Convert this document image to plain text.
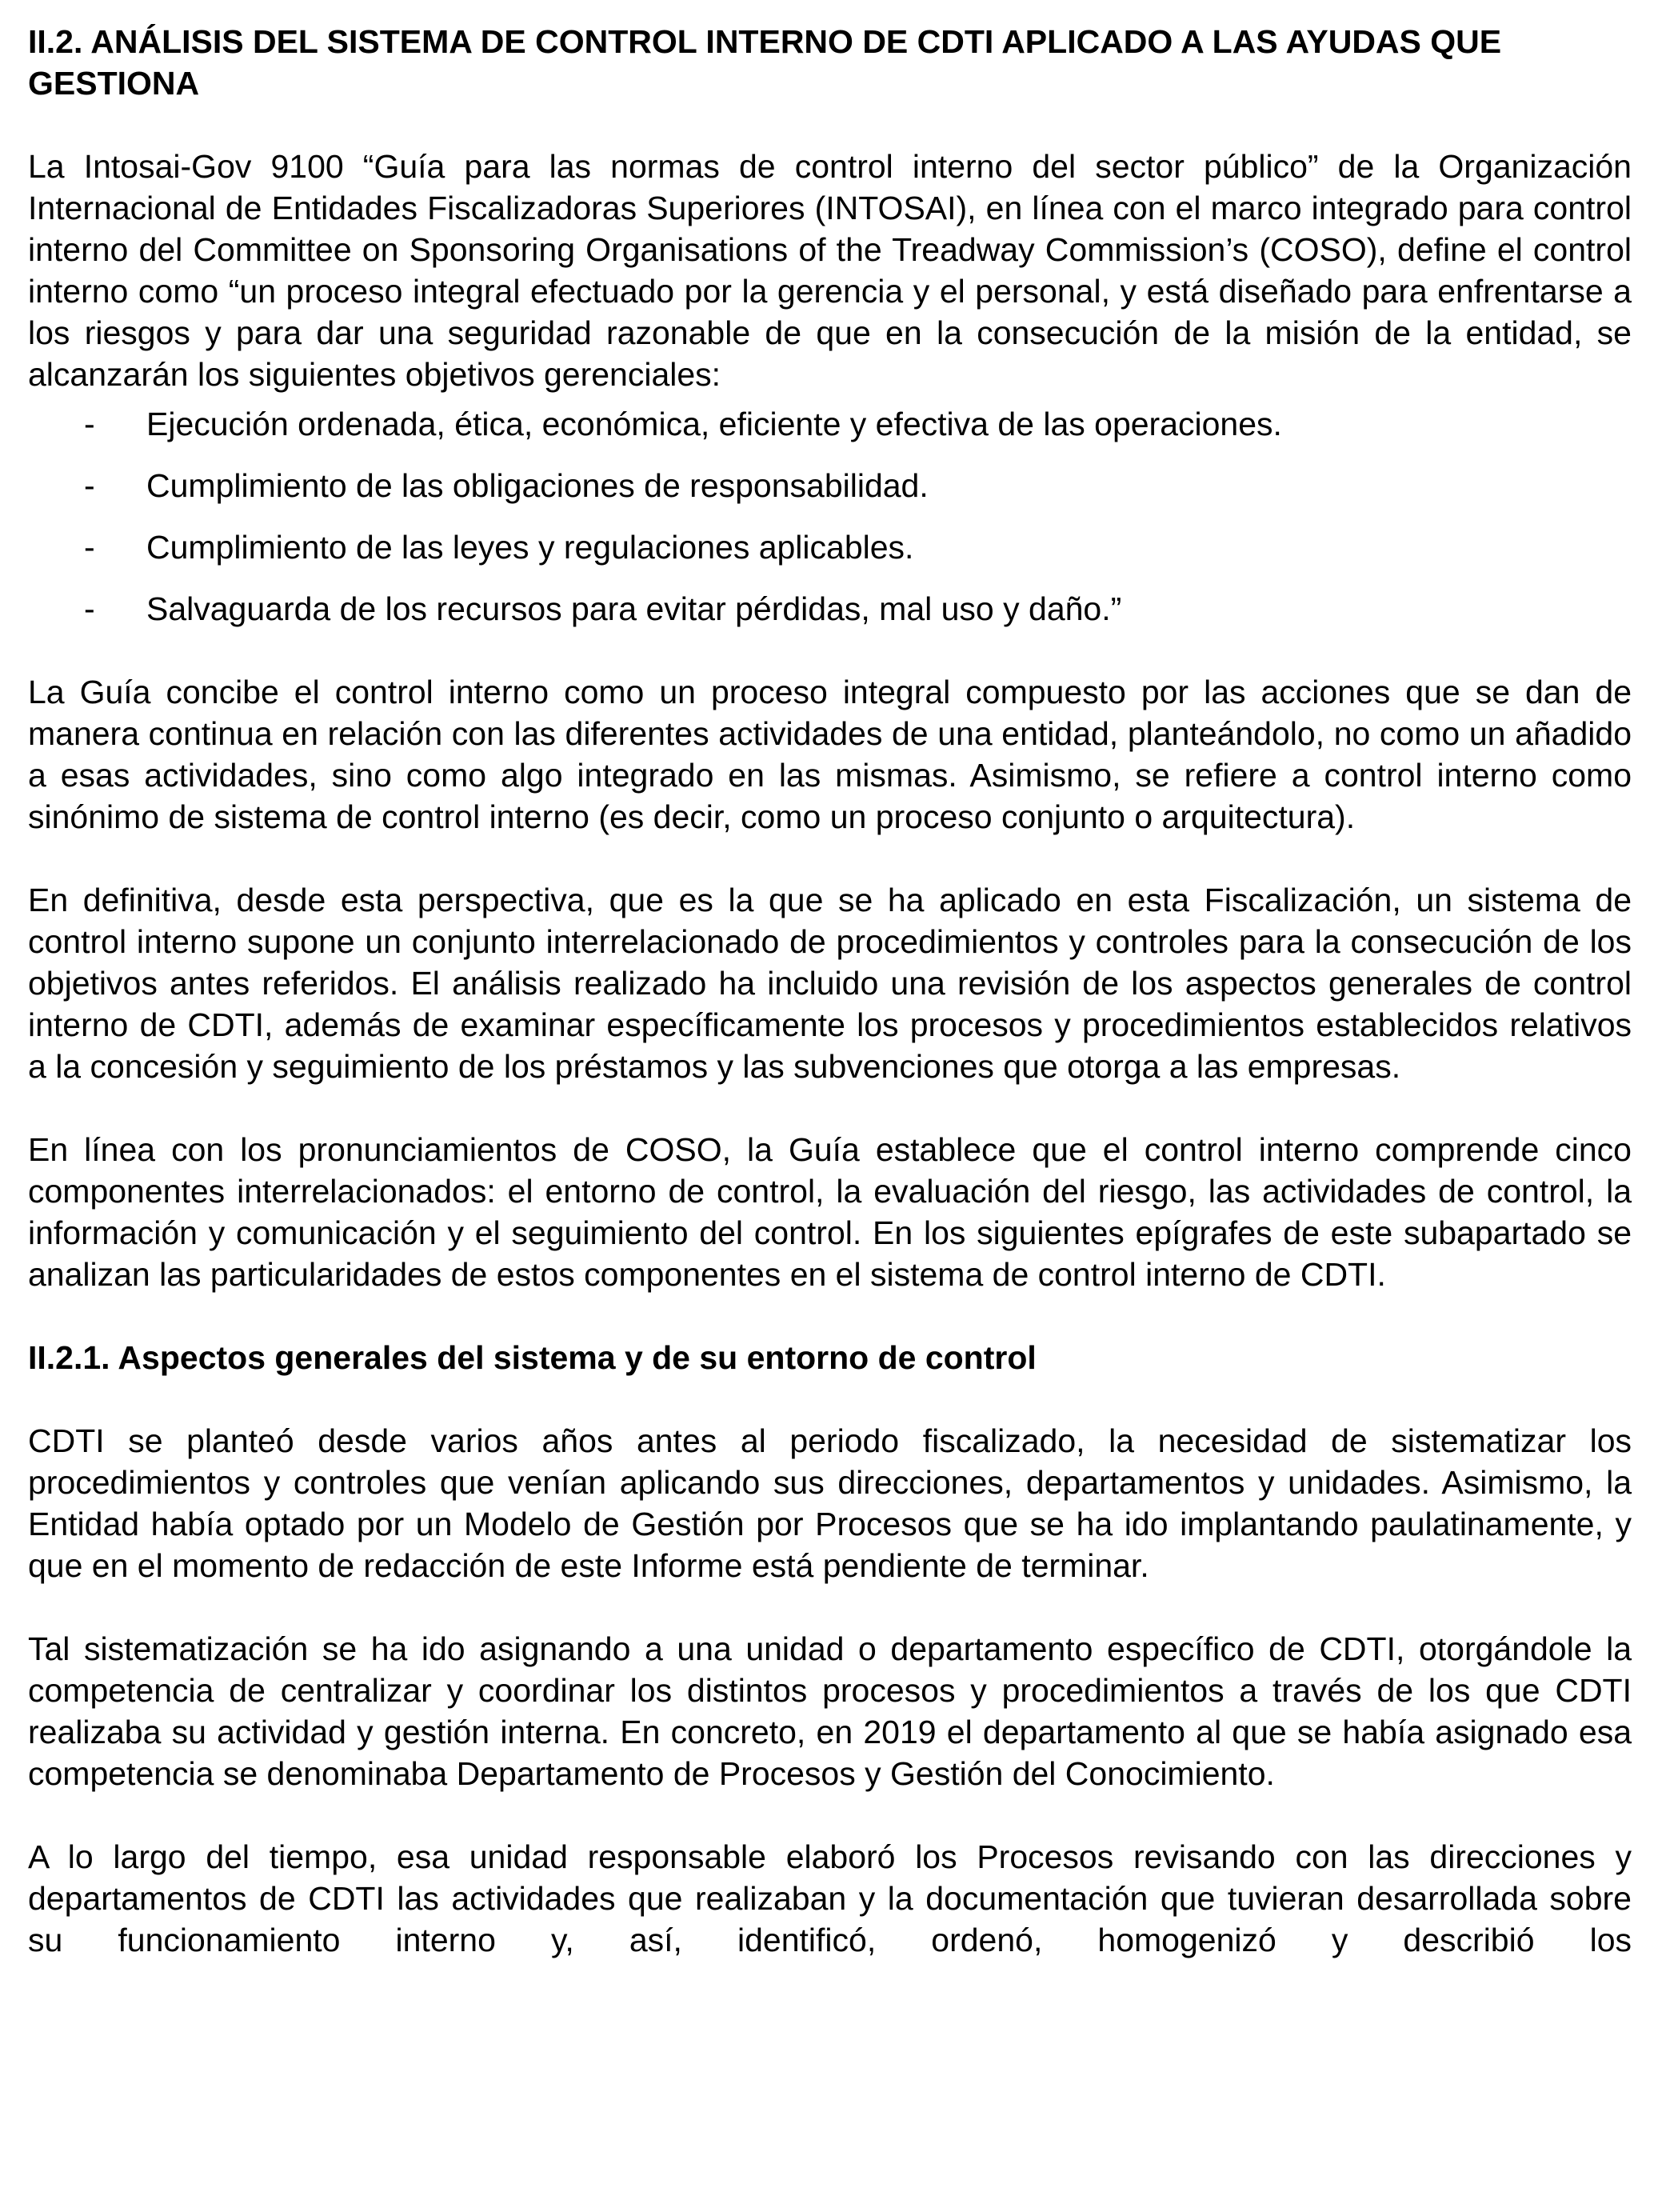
II.2. ANÁLISIS DEL SISTEMA DE CONTROL INTERNO DE CDTI APLICADO A LAS AYUDAS QUE GESTIONA

La Intosai-Gov 9100 “Guía para las normas de control interno del sector público” de la Organización Internacional de Entidades Fiscalizadoras Superiores (INTOSAI), en línea con el marco integrado para control interno del Committee on Sponsoring Organisations of the Treadway Commission’s (COSO), define el control interno como “un proceso integral efectuado por la gerencia y el personal, y está diseñado para enfrentarse a los riesgos y para dar una seguridad razonable de que en la consecución de la misión de la entidad, se alcanzarán los siguientes objetivos gerenciales:

- Ejecución ordenada, ética, económica, eficiente y efectiva de las operaciones.
- Cumplimiento de las obligaciones de responsabilidad.
- Cumplimiento de las leyes y regulaciones aplicables.
- Salvaguarda de los recursos para evitar pérdidas, mal uso y daño.”

La Guía concibe el control interno como un proceso integral compuesto por las acciones que se dan de manera continua en relación con las diferentes actividades de una entidad, planteándolo, no como un añadido a esas actividades, sino como algo integrado en las mismas. Asimismo, se refiere a control interno como sinónimo de sistema de control interno (es decir, como un proceso conjunto o arquitectura).

En definitiva, desde esta perspectiva, que es la que se ha aplicado en esta Fiscalización, un sistema de control interno supone un conjunto interrelacionado de procedimientos y controles para la consecución de los objetivos antes referidos. El análisis realizado ha incluido una revisión de los aspectos generales de control interno de CDTI, además de examinar específicamente los procesos y procedimientos establecidos relativos a la concesión y seguimiento de los préstamos y las subvenciones que otorga a las empresas.

En línea con los pronunciamientos de COSO, la Guía establece que el control interno comprende cinco componentes interrelacionados: el entorno de control, la evaluación del riesgo, las actividades de control, la información y comunicación y el seguimiento del control. En los siguientes epígrafes de este subapartado se analizan las particularidades de estos componentes en el sistema de control interno de CDTI.

II.2.1. Aspectos generales del sistema y de su entorno de control

CDTI se planteó desde varios años antes al periodo fiscalizado, la necesidad de sistematizar los procedimientos y controles que venían aplicando sus direcciones, departamentos y unidades. Asimismo, la Entidad había optado por un Modelo de Gestión por Procesos que se ha ido implantando paulatinamente, y que en el momento de redacción de este Informe está pendiente de terminar.

Tal sistematización se ha ido asignando a una unidad o departamento específico de CDTI, otorgándole la competencia de centralizar y coordinar los distintos procesos y procedimientos a través de los que CDTI realizaba su actividad y gestión interna. En concreto, en 2019 el departamento al que se había asignado esa competencia se denominaba Departamento de Procesos y Gestión del Conocimiento.

A lo largo del tiempo, esa unidad responsable elaboró los Procesos revisando con las direcciones y departamentos de CDTI las actividades que realizaban y la documentación que tuvieran desarrollada sobre su funcionamiento interno y, así, identificó, ordenó, homogenizó y describió los
